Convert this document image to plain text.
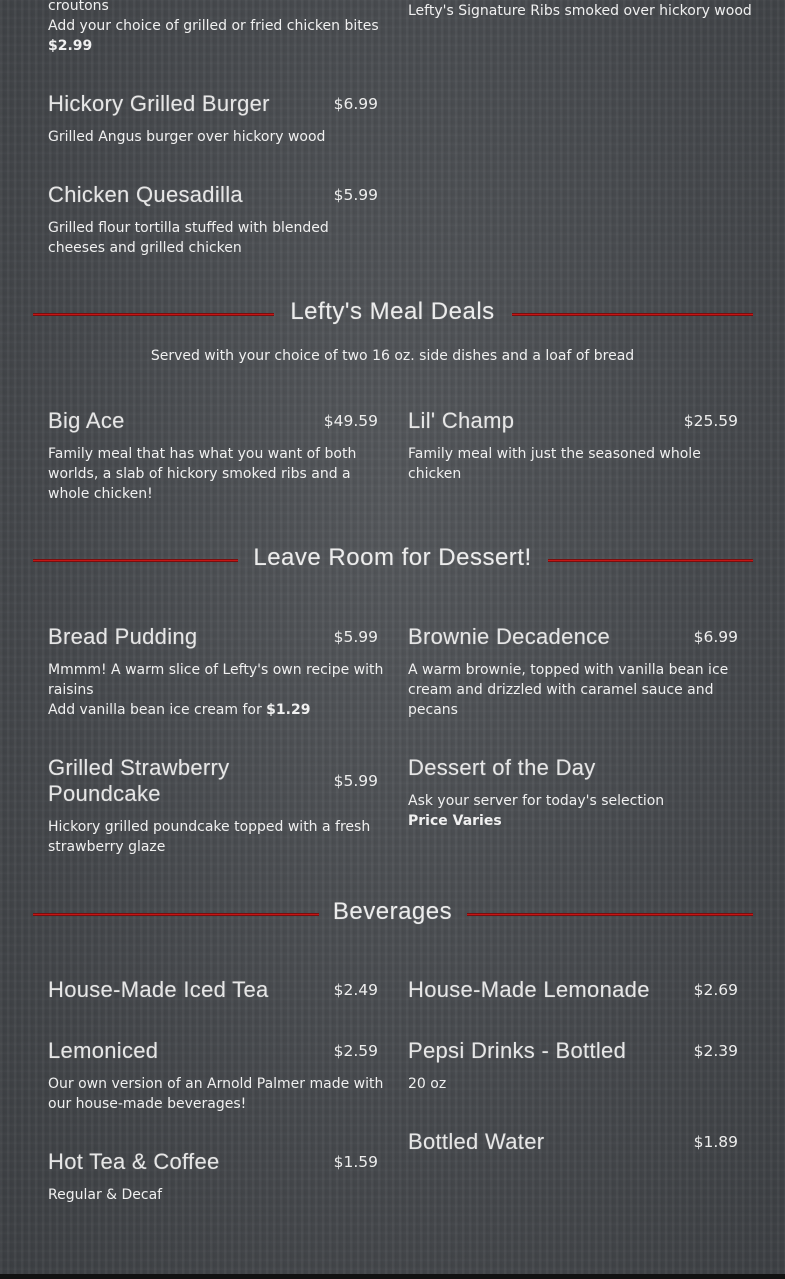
croutons
Add your choice of grilled or fried chicken bites
$2.99
Lefty's Signature Ribs smoked over hickory wood
Hickory Grilled Burger	$6.99
Grilled Angus burger over hickory wood
Chicken Quesadilla	$5.99
Grilled flour tortilla stuffed with blended
cheeses and grilled chicken
Lefty's Meal Deals
Served with your choice of two 16 oz. side dishes and a loaf of bread
Big Ace	$49.59
Family meal that has what you want of both
worlds, a slab of hickory smoked ribs and a
whole chicken!
Lil' Champ	$25.59
Family meal with just the seasoned whole
chicken
Leave Room for Dessert!
Bread Pudding	$5.99
Mmmm! A warm slice of Lefty's own recipe with
raisins
Add vanilla bean ice cream for $1.29
Brownie Decadence	$6.99
A warm brownie, topped with vanilla bean ice
cream and drizzled with caramel sauce and
pecans
Grilled Strawberry
Poundcake	$5.99
Hickory grilled poundcake topped with a fresh
strawberry glaze
Dessert of the Day
Ask your server for today's selection
Price Varies
Beverages
House-Made Iced Tea	$2.49 House-Made Lemonade	$2.69
Lemoniced	$2.59
Our own version of an Arnold Palmer made with
our house-made beverages!
Pepsi Drinks - Bottled	$2.39
20 oz
Hot Tea & Coffee	$1.59
Regular & Decaf
Bottled Water	$1.89
